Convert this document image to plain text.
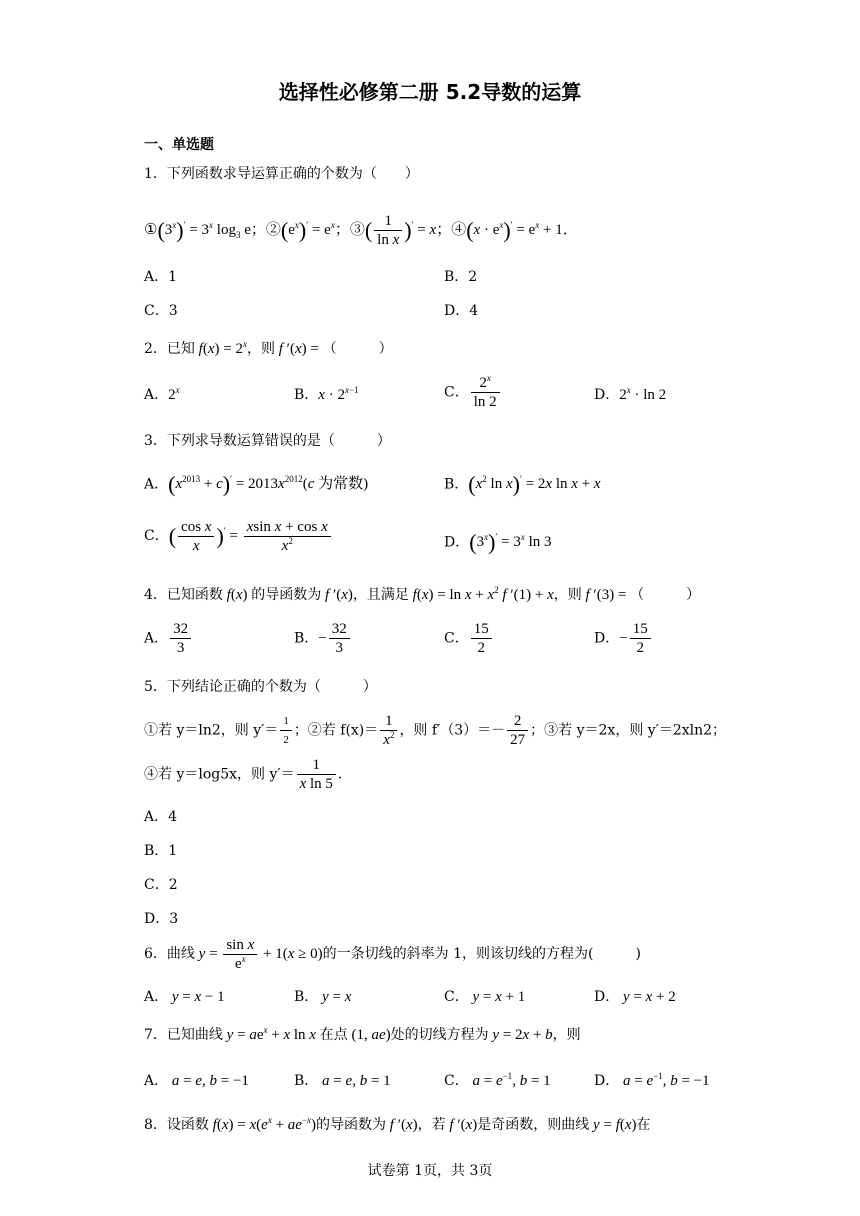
选择性必修第二册 5.2导数的运算
一、单选题
1．下列函数求导运算正确的个数为（　　）
$①(3^x)' = 3^x$ $\log_3 e$；$②(e^x)' = e^x$；③( $\frac{1}{\text{ln x}} )' = x$；④(x · $e^x)' = e^x + 1$．
A．1	B．2
C．3	D．4
2．已知 $f(x) = 2^x$，则 f ′(x) = （　　　）
A．2$^x$	B．$x \cdot 2^{x-1}$	C． $\frac{2^x}{\ln 2}$	D．$2^x \cdot \ln 2$
3．下列求导数运算错误的是（　　　）
A．$(x^{2013} + c)' = 2013x^{2012}(c$ 为常数)	B．($x^2$ ln x)′ = 2x ln x + x
C．( $\frac{\text{cos x}}{x} )' = \frac{\text{xsin x + cos x}}{x^2}$	D．$(3^x)' = 3^x$ ln 3
4．已知函数 f(x) 的导函数为 f ′(x)，且满足 $f(x) = \ln x + x^2$ f ′(1) + x，则 f ′(3) = （　　　）
A． $\frac{32}{3}$	B．− $\frac{32}{3}$	C． $\frac{15}{2}$	D．− $\frac{15}{2}$
5．下列结论正确的个数为（　　　）
①若 y＝ln2，则 $y'= \frac{1}{2}$ ；②若 $f(x)= \frac{1}{x^2}$ ，则 $f'(3)=- \frac{2}{27}$ ；③若 y＝2x，则 y′＝2xln2；
④若 y＝log5x，则 $y'= \frac{1}{\text{x ln 5}}$ ．
A．4
B．1
C．2
D．3
6．曲线 $y = \frac{\text{sin x}}{e^x} + 1(x \ge 0)$的一条切线的斜率为 1，则该切线的方程为(　　　)
A． y = x − 1	B． y = x	C． y = x + 1	D． y = x + 2
7．已知曲线 $y = ae^x + x$ ln x 在点 (1, ae)处的切线方程为 y = 2x + b，则
A． a = e, b = −1	B． a = e, b = 1	C． $a = e^{-1}$, b = 1	D． $a = e^{-1}$, b = −1
8．设函数 $f(x) = x(e^x + ae^{-x})$的导函数为 f ′(x)，若 f ′(x)是奇函数，则曲线 y = f(x)在
试卷第 1页，共 3页
